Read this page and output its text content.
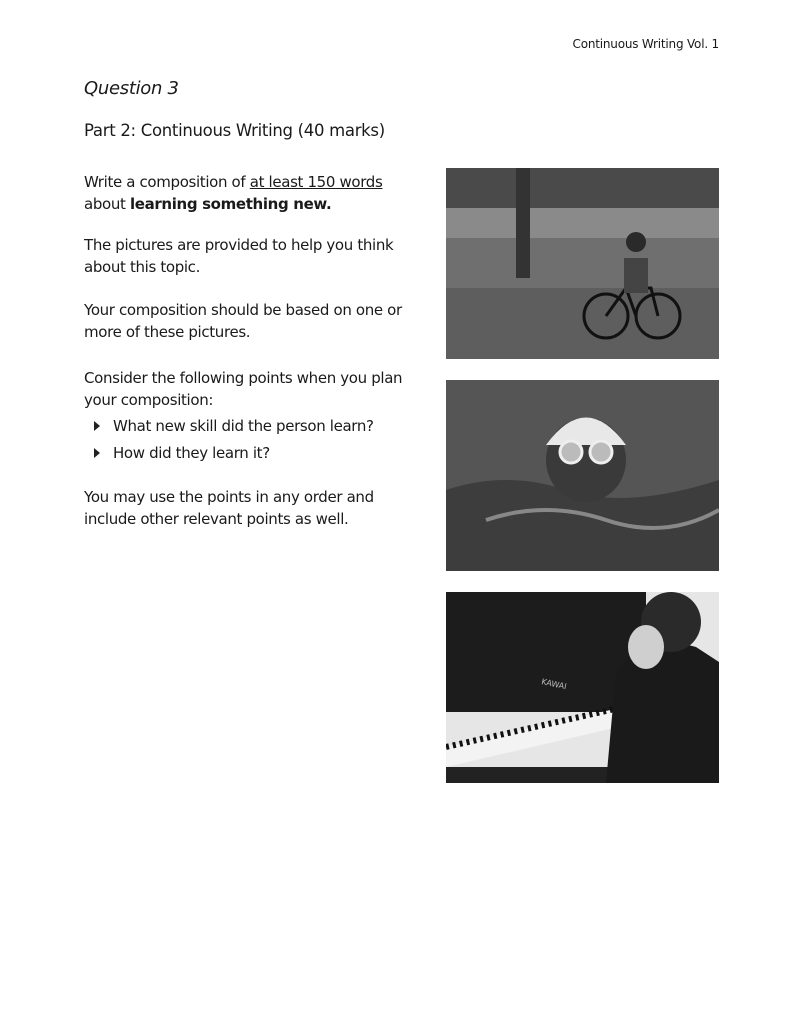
Continuous Writing Vol. 1
Question 3
Part 2: Continuous Writing (40 marks)
Write a composition of at least 150 words
about learning something new.
The pictures are provided to help you think about this topic.
Your composition should be based on one or more of these pictures.
Consider the following points when you plan your composition:
What new skill did the person learn?
How did they learn it?
You may use the points in any order and include other relevant points as well.
KAWAI
